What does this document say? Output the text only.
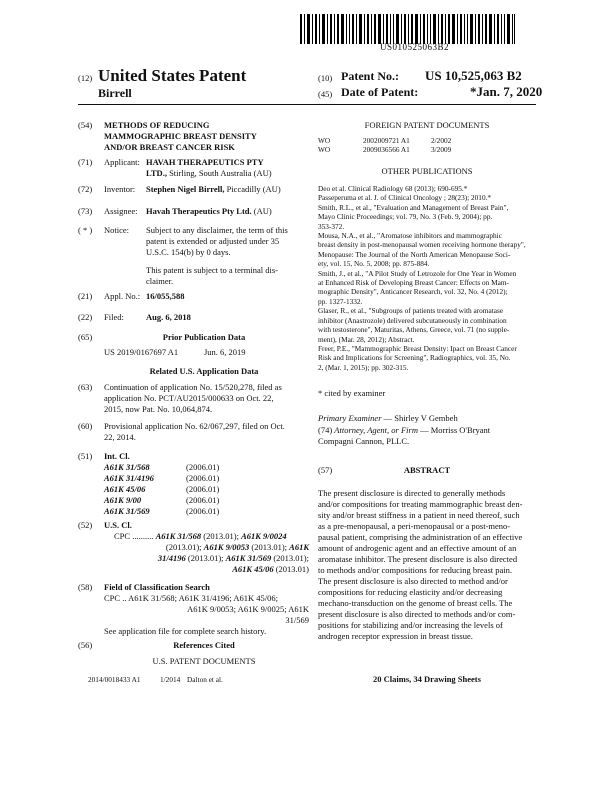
US010525063B2
(12) United States Patent
Birrell
(10) Patent No.: US 10,525,063 B2
(45) Date of Patent:	*Jan. 7, 2020
(54) METHODS OF REDUCING
MAMMOGRAPHIC BREAST DENSITY
AND/OR BREAST CANCER RISK
(71) Applicant: HAVAH THERAPEUTICS PTY
LTD., Stirling, South Australia (AU)
(72) Inventor: Stephen Nigel Birrell, Piccadilly (AU)
(73) Assignee: Havah Therapeutics Pty Ltd. (AU)
( * ) Notice: Subject to any disclaimer, the term of this
patent is extended or adjusted under 35
U.S.C. 154(b) by 0 days.
This patent is subject to a terminal dis-
claimer.
(21) Appl. No.: 16/055,588
(22) Filed:	Aug. 6, 2018
(65)	Prior Publication Data
US 2019/0167697 A1	Jun. 6, 2019
Related U.S. Application Data
(63) Continuation of application No. 15/520,278, filed as
application No. PCT/AU2015/000633 on Oct. 22,
2015, now Pat. No. 10,064,874.
(60) Provisional application No. 62/067,297, filed on Oct.
22, 2014.
(51) Int. Cl.
A61K 31/568	(2006.01)
A61K 31/4196	(2006.01)
A61K 45/06	(2006.01)
A61K 9/00	(2006.01)
A61K 31/569	(2006.01)
(52) U.S. Cl.
CPC .......... A61K 31/568 (2013.01); A61K 9/0024
(2013.01); A61K 9/0053 (2013.01); A61K
31/4196 (2013.01); A61K 31/569 (2013.01);
A61K 45/06 (2013.01)
(58) Field of Classification Search
CPC .. A61K 31/568; A61K 31/4196; A61K 45/06;
A61K 9/0053; A61K 9/0025; A61K
31/569
See application file for complete search history.
(56)	References Cited
U.S. PATENT DOCUMENTS
2014/0018433 A1	1/2014 Dalton et al.
FOREIGN PATENT DOCUMENTS
WO	2002009721 A1	2/2002
WO	2009036566 A1	3/2009
OTHER PUBLICATIONS
Deo et al. Clinical Radiology 68 (2013); 690-695.*
Passeperuma et al. J. of Clinical Oncology ; 28(23); 2010.*
Smith, R.L., et al., "Evaluation and Management of Breast Pain",
Mayo Clinic Proceedings; vol. 79, No. 3 (Feb. 9, 2004); pp.
353-372.
Mousa, N.A., et al., "Aromatose inhibitors and mammographic
breast density in post-menopausal women receiving hormone therapy",
Menopause: The Journal of the North American Menopause Soci-
ety, vol. 15, No. 5, 2008; pp. 875-884.
Smith, J., et al., "A Pilot Study of Letrozole for One Year in Women
at Enhanced Risk of Developing Breast Cancer: Effects on Mam-
mographic Density", Anticancer Research, vol. 32, No. 4 (2012);
pp. 1327-1332.
Glaser, R., et al., "Subgroups of patients treated with aromatase
inhibitor (Anastrozole) delivered subcutaneously in combination
with testosterone", Maturitas, Athens, Greece, vol. 71 (no supple-
ment), (Mar. 28, 2012); Abstract.
Freer, P.E., "Mammographic Breast Density: Ipact on Breast Cancer
Risk and Implications for Screening", Radiographics, vol. 35, No.
2, (Mar. 1, 2015); pp. 302-315.
* cited by examiner
Primary Examiner — Shirley V Gembeh
(74) Attorney, Agent, or Firm — Morriss O'Bryant
Compagni Cannon, PLLC.
(57)	ABSTRACT
The present disclosure is directed to generally methods
and/or compositions for treating mammographic breast den-
sity and/or breast stiffness in a patient in need thereof, such
as a pre-menopausal, a peri-menopausal or a post-meno-
pausal patient, comprising the administration of an effective
amount of androgenic agent and an effective amount of an
aromatase inhibitor. The present disclosure is also directed
to methods and/or compositions for reducing breast pain.
The present disclosure is also directed to method and/or
compositions for reducing elasticity and/or decreasing
mechano-transduction on the genome of breast cells. The
present disclosure is also directed to methods and/or com-
positions for stabilizing and/or increasing the levels of
androgen receptor expression in breast tissue.
20 Claims, 34 Drawing Sheets
